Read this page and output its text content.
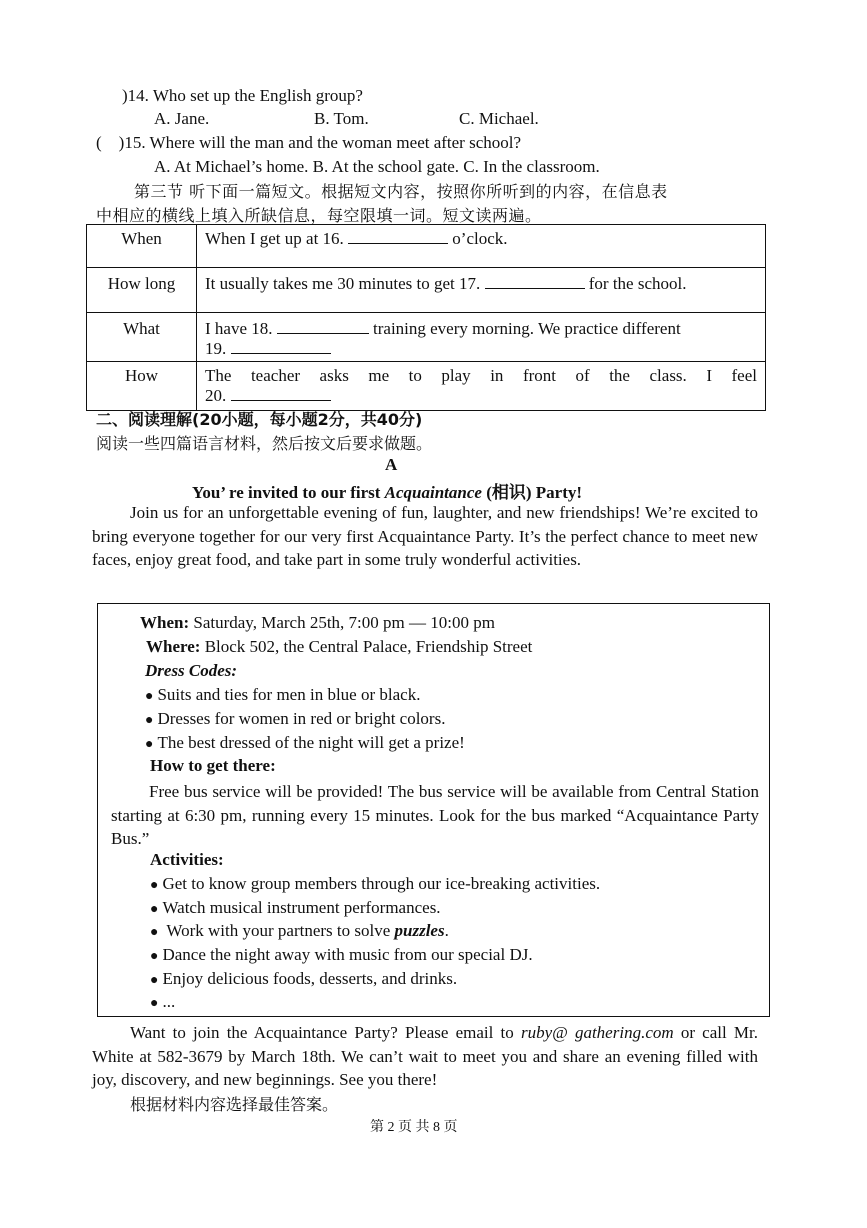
)14. Who set up the English group?
A. Jane.	B. Tom.	C. Michael.
(    )15. Where will the man and the woman meet after school?
A. At Michael’s home. B. At the school gate. C. In the classroom.
第三节 听下面一篇短文。根据短文内容，按照你所听到的内容，在信息表
中相应的横线上填入所缺信息，每空限填一词。短文读两遍。
When	When I get up at 16. o’clock.
How long	It usually takes me 30 minutes to get 17. for the school.
What	I have 18. training every morning. We practice different
19.
How	The teacher asks me to play in front of the class. I feel
20.
二、阅读理解(20小题，每小题2分，共40分)
阅读一些四篇语言材料，然后按文后要求做题。
A
You’ re invited to our first Acquaintance (相识) Party!
Join us for an unforgettable evening of fun, laughter, and new friendships! We’re excited to bring everyone together for our very first Acquaintance Party. It’s the perfect chance to meet new faces, enjoy great food, and take part in some truly wonderful activities.
When: Saturday, March 25th, 7:00 pm — 10:00 pm
Where: Block 502, the Central Palace, Friendship Street
Dress Codes:
● Suits and ties for men in blue or black.
● Dresses for women in red or bright colors.
● The best dressed of the night will get a prize!
How to get there:
Free bus service will be provided! The bus service will be available from Central Station starting at 6:30 pm, running every 15 minutes. Look for the bus marked “Acquaintance Party Bus.”
Activities:
● Get to know group members through our ice-breaking activities.
● Watch musical instrument performances.
● Work with your partners to solve puzzles.
● Dance the night away with music from our special DJ.
● Enjoy delicious foods, desserts, and drinks.
● ...
Want to join the Acquaintance Party? Please email to ruby@ gathering.com or call Mr. White at 582-3679 by March 18th. We can’t wait to meet you and share an evening filled with joy, discovery, and new beginnings. See you there!
根据材料内容选择最佳答案。
第 2 页 共 8 页
